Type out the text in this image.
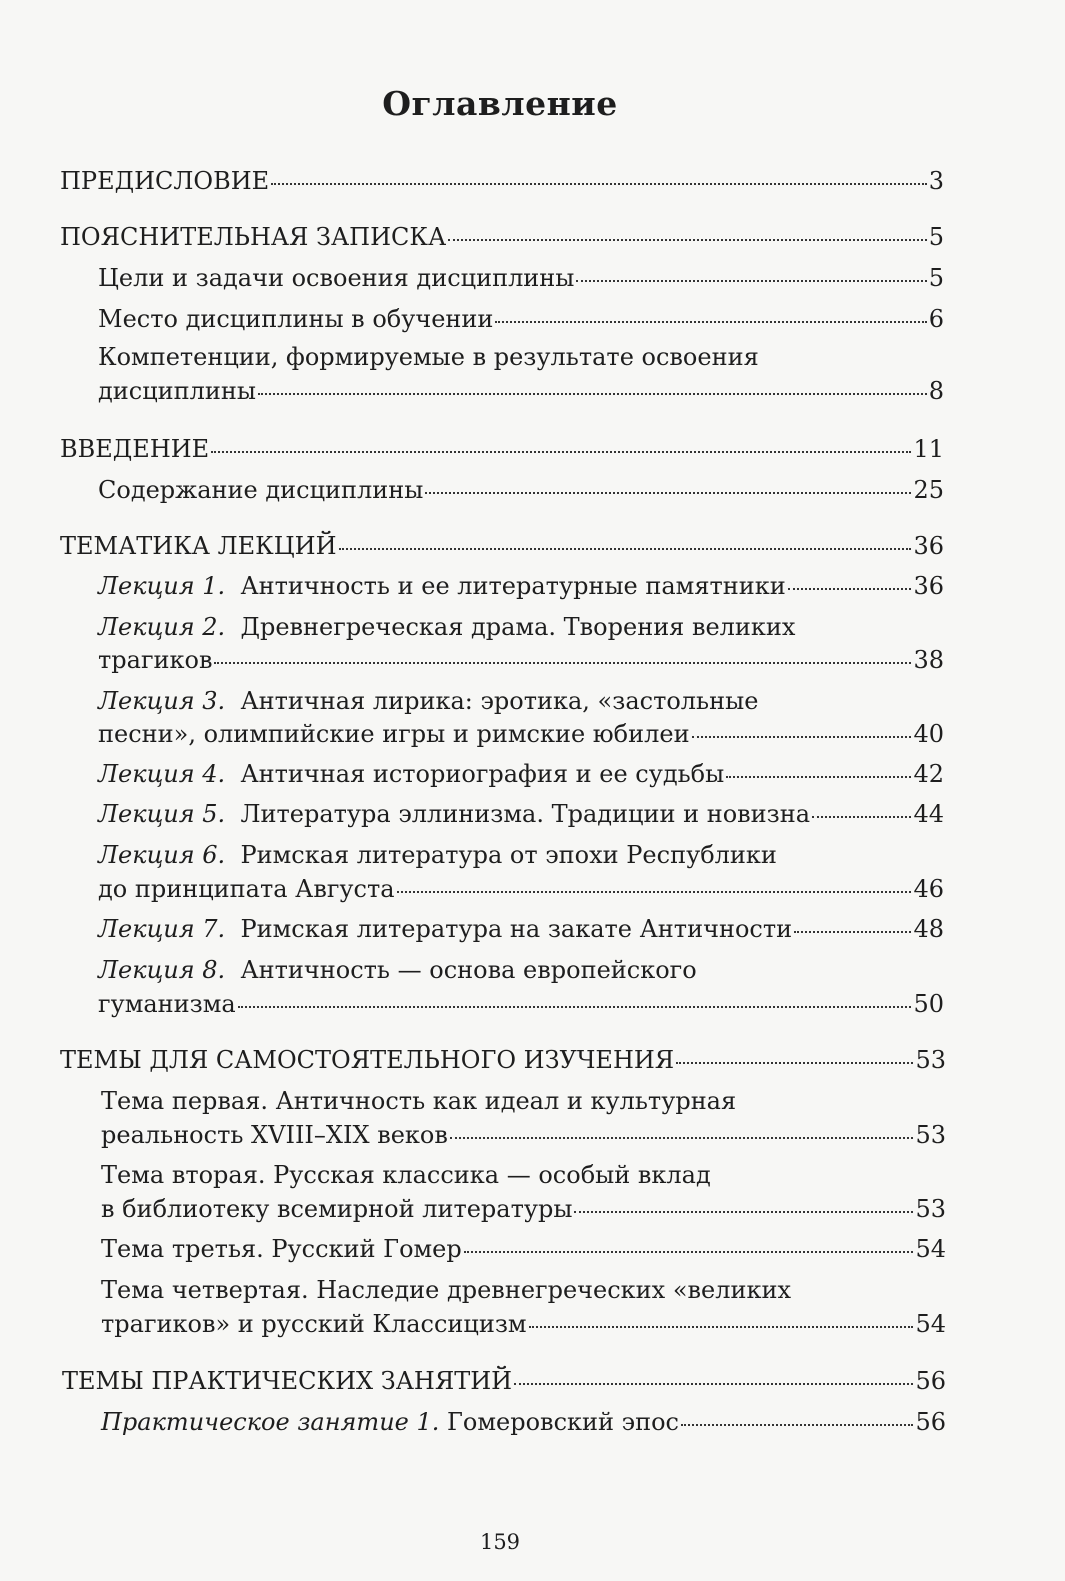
Оглавление
ПРЕДИСЛОВИЕ	3
ПОЯСНИТЕЛЬНАЯ ЗАПИСКА	5
Цели и задачи освоения дисциплины	5
Место дисциплины в обучении	6
Компетенции, формируемые в результате освоения
дисциплины	8
ВВЕДЕНИЕ	11
Содержание дисциплины	25
ТЕМАТИКА ЛЕКЦИЙ	36
Лекция 1. Античность и ее литературные памятники	36
Лекция 2. Древнегреческая драма. Творения великих
трагиков	38
Лекция 3. Античная лирика: эротика, «застольные
песни», олимпийские игры и римские юбилеи	40
Лекция 4. Античная историография и ее судьбы	42
Лекция 5. Литература эллинизма. Традиции и новизна	44
Лекция 6. Римская литература от эпохи Республики
до принципата Августа	46
Лекция 7. Римская литература на закате Античности	48
Лекция 8. Античность — основа европейского
гуманизма	50
ТЕМЫ ДЛЯ САМОСТОЯТЕЛЬНОГО ИЗУЧЕНИЯ	53
Тема первая. Античность как идеал и культурная
реальность XVIII–XIX веков	53
Тема вторая. Русская классика — особый вклад
в библиотеку всемирной литературы	53
Тема третья. Русский Гомер	54
Тема четвертая. Наследие древнегреческих «великих
трагиков» и русский Классицизм	54
ТЕМЫ ПРАКТИЧЕСКИХ ЗАНЯТИЙ	56
Практическое занятие 1. Гомеровский эпос	56
159
